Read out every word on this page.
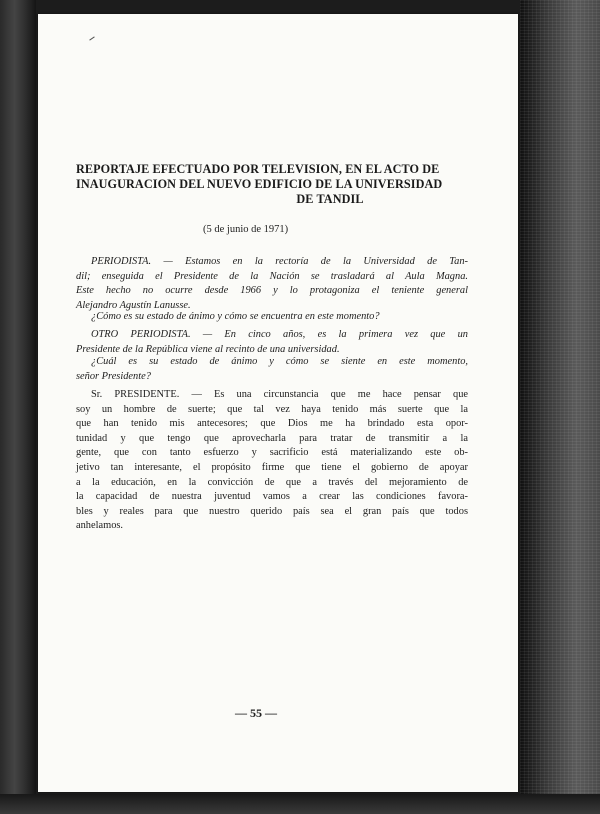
REPORTAJE EFECTUADO POR TELEVISION, EN EL ACTO DE
INAUGURACION DEL NUEVO EDIFICIO DE LA UNIVERSIDAD
DE TANDIL
(5 de junio de 1971)
PERIODISTA. — Estamos en la rectoría de la Universidad de Tan-
dil; enseguida el Presidente de la Nación se trasladará al Aula Magna.
Este hecho no ocurre desde 1966 y lo protagoniza el teniente general
Alejandro Agustín Lanusse.
¿Cómo es su estado de ánimo y cómo se encuentra en este momento?
OTRO PERIODISTA. — En cinco años, es la primera vez que un
Presidente de la República viene al recinto de una universidad.
¿Cuál es su estado de ánimo y cómo se siente en este momento,
señor Presidente?
Sr. PRESIDENTE. — Es una circunstancia que me hace pensar que
soy un hombre de suerte; que tal vez haya tenido más suerte que la
que han tenido mis antecesores; que Dios me ha brindado esta opor-
tunidad y que tengo que aprovecharla para tratar de transmitir a la
gente, que con tanto esfuerzo y sacrificio está materializando este ob-
jetivo tan interesante, el propósito firme que tiene el gobierno de apoyar
a la educación, en la convicción de que a través del mejoramiento de
la capacidad de nuestra juventud vamos a crear las condiciones favora-
bles y reales para que nuestro querido país sea el gran país que todos
anhelamos.
— 55 —
